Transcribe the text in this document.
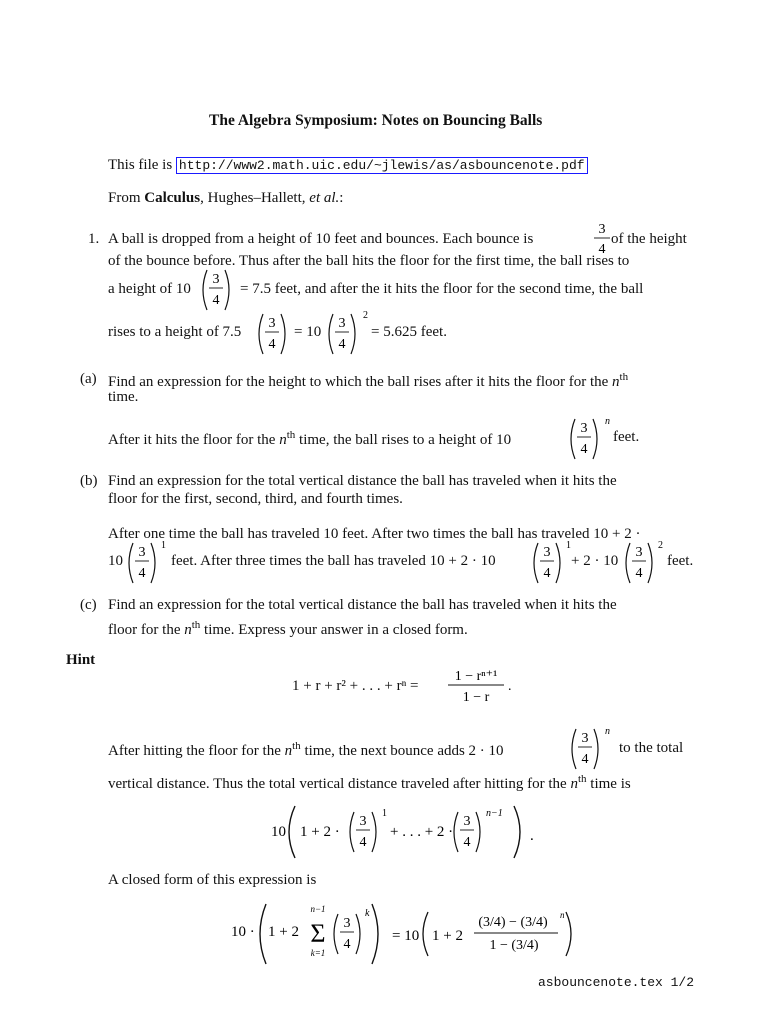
The Algebra Symposium: Notes on Bouncing Balls
This file is http://www2.math.uic.edu/~jlewis/as/asbouncenote.pdf
From Calculus, Hughes–Hallett, et al.:
1. A ball is dropped from a height of 10 feet and bounces. Each bounce is
3
4
of the height
of the bounce before. Thus after the ball hits the floor for the first time, the ball rises to
a height of 10
3
4
= 7.5 feet, and after the it hits the floor for the second time, the ball
rises to a height of 7.5
3
4
= 10
3
4
2
= 5.625 feet.
(a) Find an expression for the height to which the ball rises after it hits the floor for the $n^{th}$
time.
After it hits the floor for the $n^{th}$ time, the ball rises to a height of 10
3
4
n
feet.
(b) Find an expression for the total vertical distance the ball has traveled when it hits the
floor for the first, second, third, and fourth times.
After one time the ball has traveled 10 feet. After two times the ball has traveled 10 + 2 ·
10
3
4
1
feet. After three times the ball has traveled 10 + 2 · 10
3
4
1
+ 2 · 10
3
4
2
feet.
(c) Find an expression for the total vertical distance the ball has traveled when it hits the
floor for the $n^{th}$ time. Express your answer in a closed form.
Hint
1 + r + r² + . . . + rⁿ =
1 − rⁿ⁺¹
1 − r
.
After hitting the floor for the $n^{th}$ time, the next bounce adds 2 · 10
3
4
n
to the total
vertical distance. Thus the total vertical distance traveled after hitting for the $n^{th}$ time is
10 1 + 2 ·
3
4
1
+ . . . + 2 ·
3
4
n−1
.
A closed form of this expression is
10 · 1 + 2
n−1
Σ
k=1
3
4
k
= 10 1 + 2
(3/4) − (3/4) n
1 − (3/4)
asbouncenote.tex 1/2
